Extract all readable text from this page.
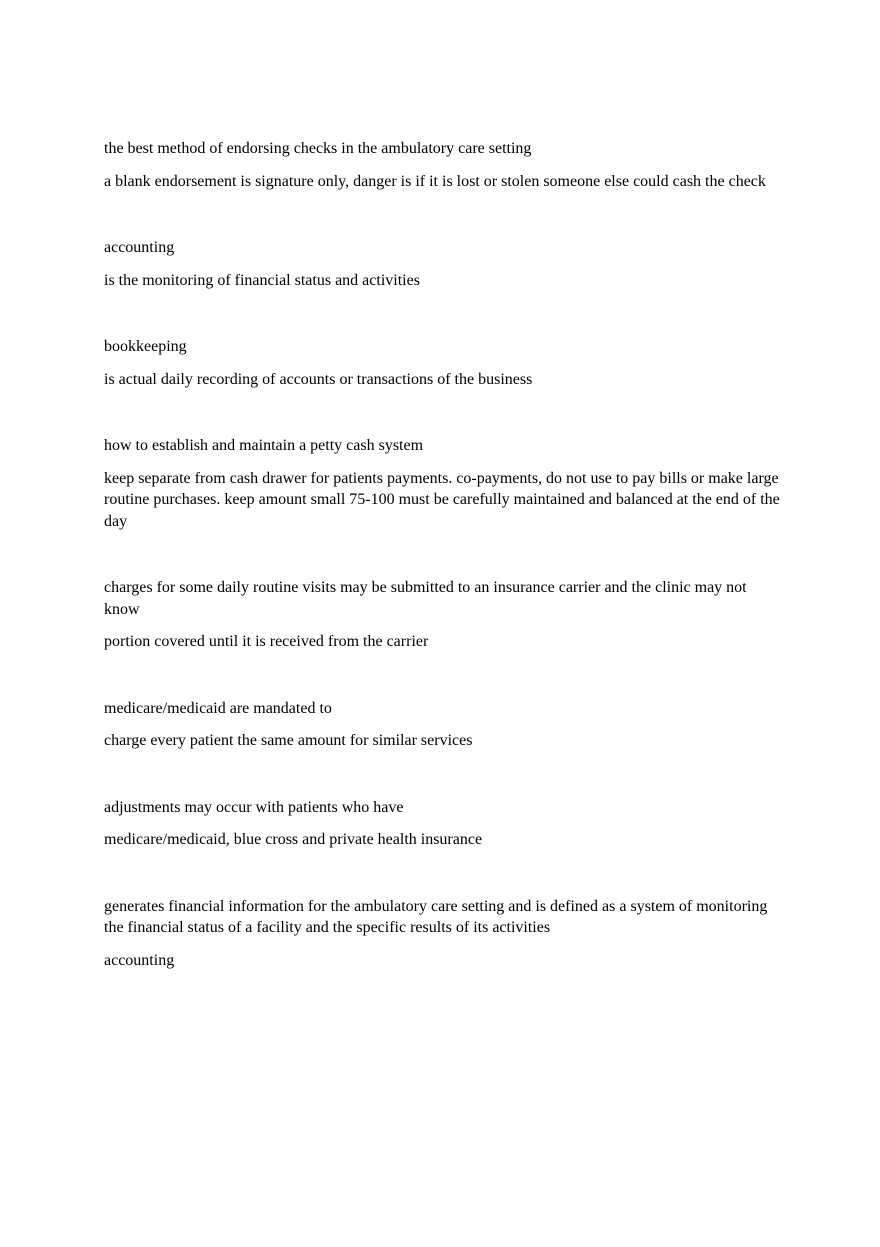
the best method of endorsing checks in the ambulatory care setting

a blank endorsement is signature only, danger is if it is lost or stolen someone else could cash the check

accounting

is the monitoring of financial status and activities

bookkeeping

is actual daily recording of accounts or transactions of the business

how to establish and maintain a petty cash system

keep separate from cash drawer for patients payments. co-payments, do not use to pay bills or make large routine purchases. keep amount small 75-100 must be carefully maintained and balanced at the end of the day

charges for some daily routine visits may be submitted to an insurance carrier and the clinic may not know

portion covered until it is received from the carrier

medicare/medicaid are mandated to

charge every patient the same amount for similar services

adjustments may occur with patients who have

medicare/medicaid, blue cross and private health insurance

generates financial information for the ambulatory care setting and is defined as a system of monitoring the financial status of a facility and the specific results of its activities

accounting
